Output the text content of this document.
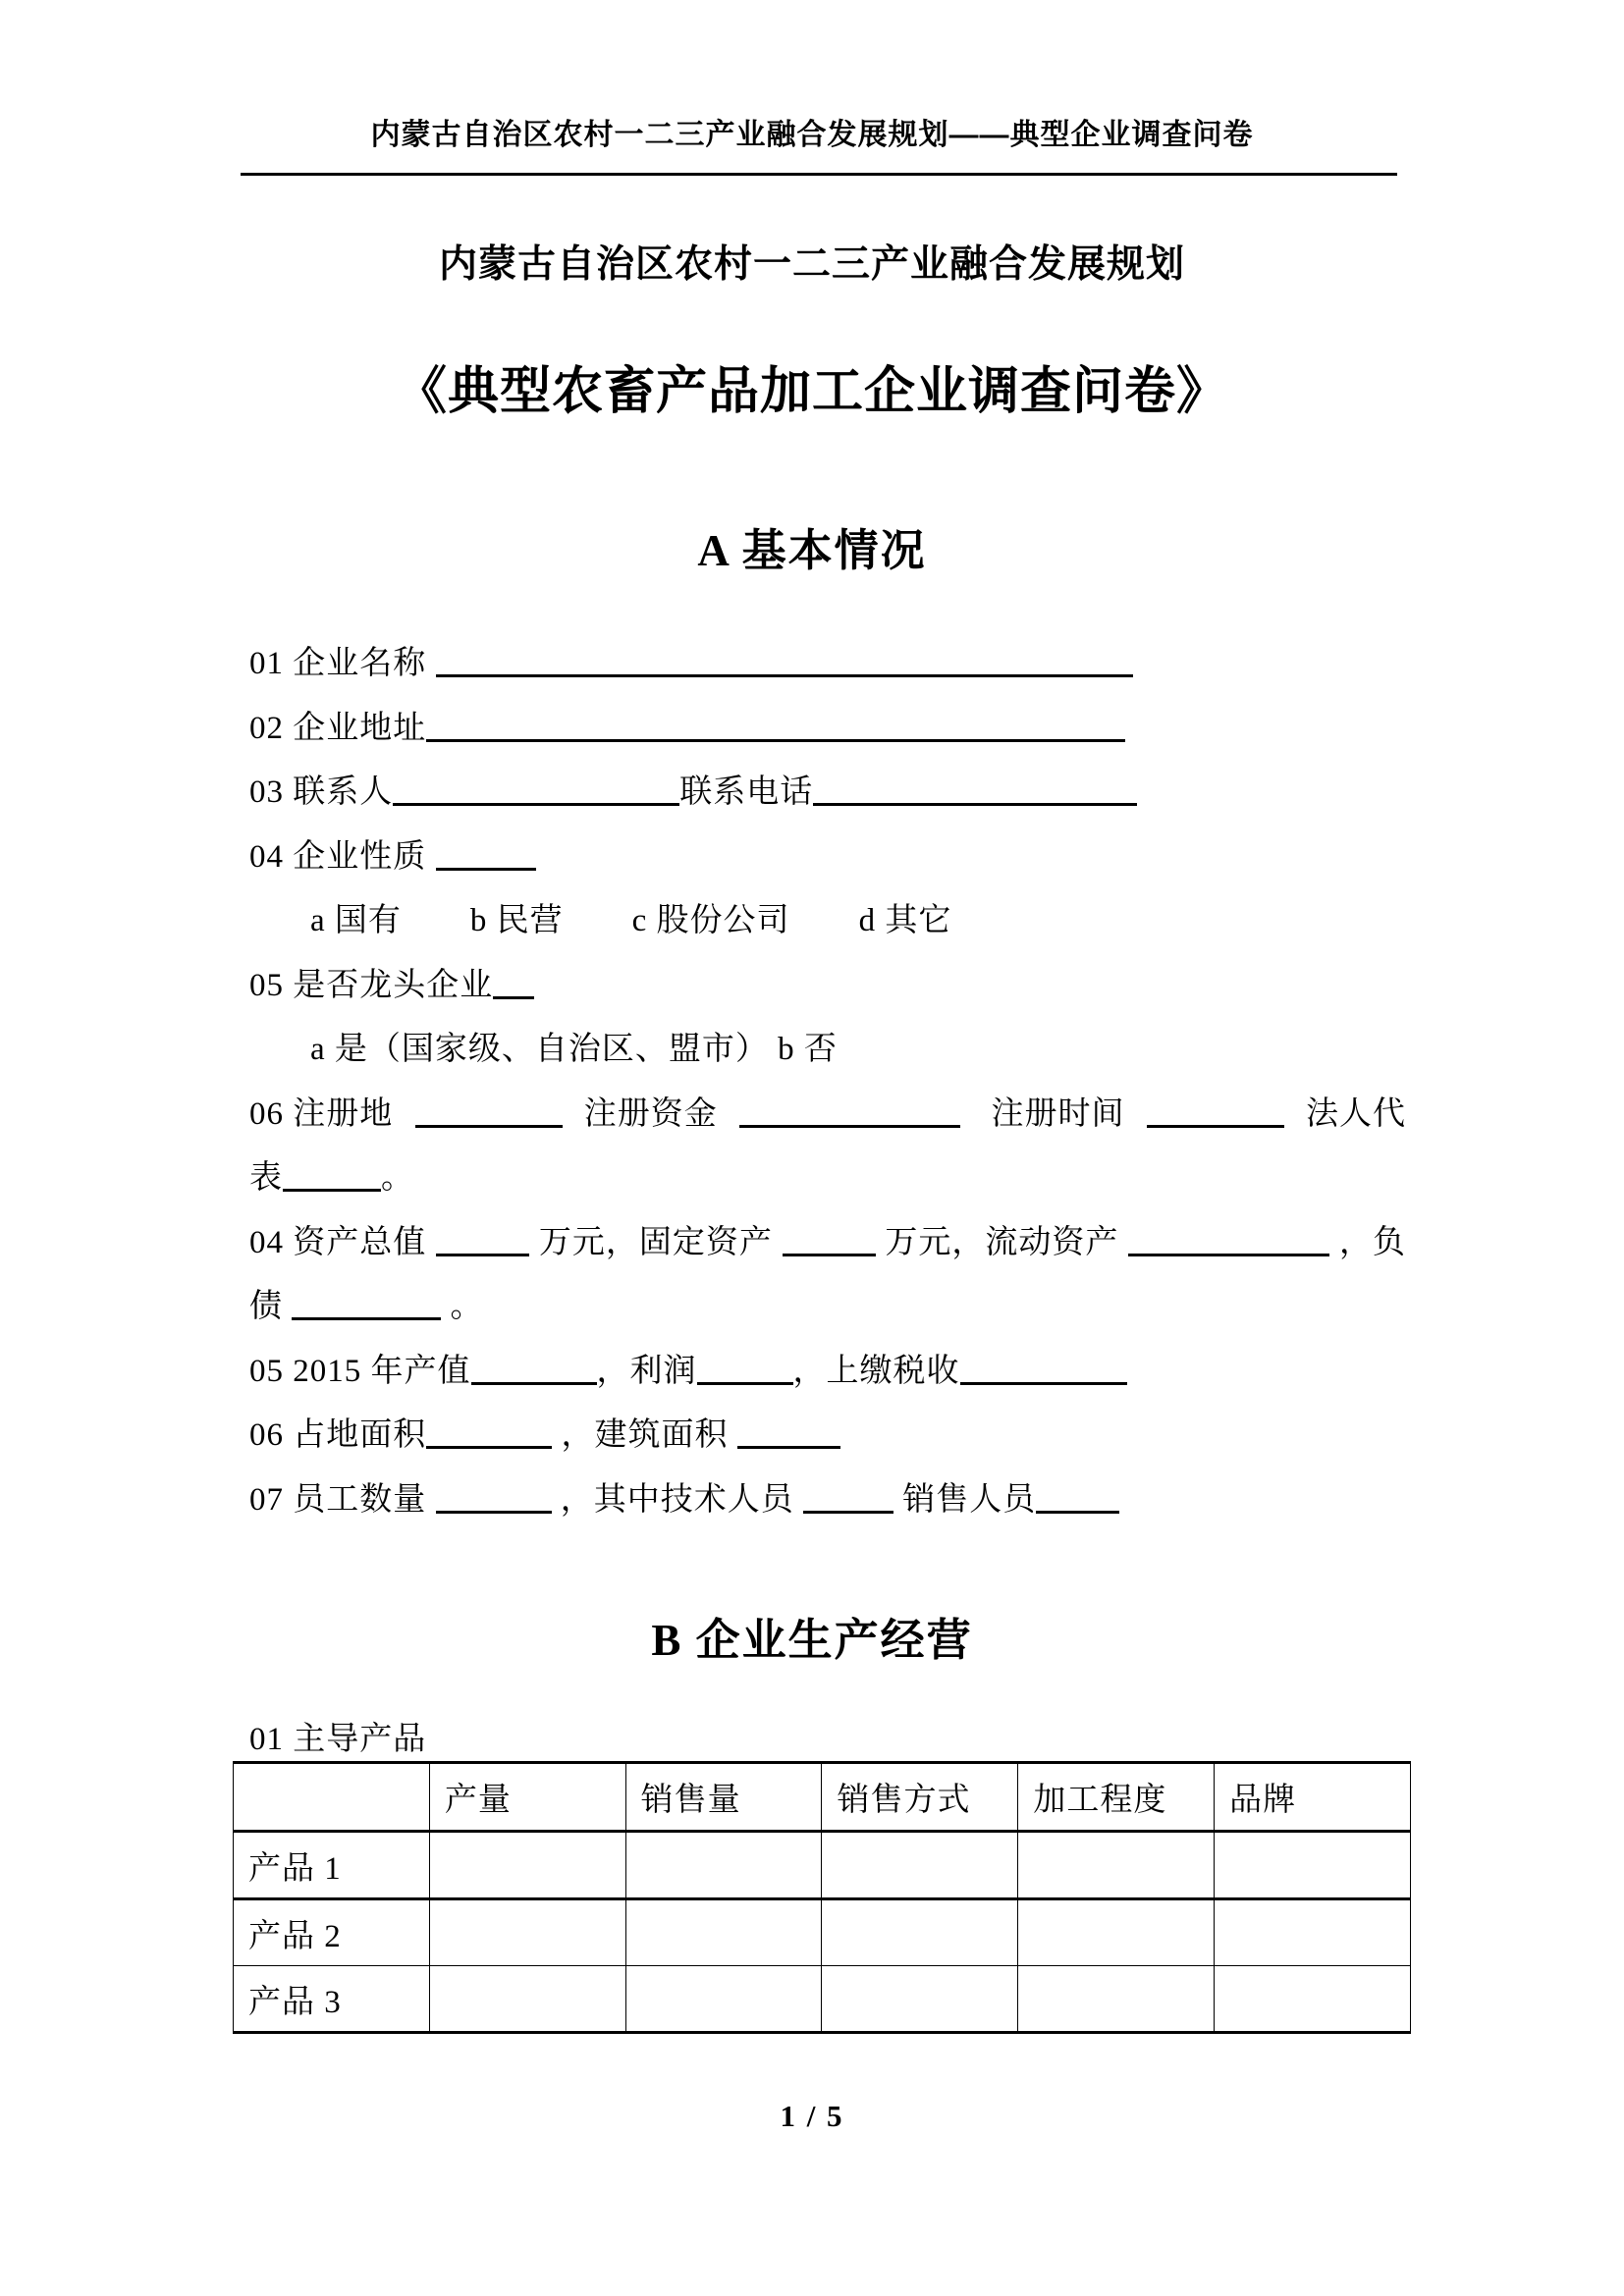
内蒙古自治区农村一二三产业融合发展规划——典型企业调查问卷
内蒙古自治区农村一二三产业融合发展规划
《典型农畜产品加工企业调查问卷》
A 基本情况
01 企业名称
02 企业地址
03 联系人	联系电话
04 企业性质
a 国有 b 民营 c 股份公司 d 其它
05 是否龙头企业
a 是（国家级、自治区、盟市） b 否
06 注册地	注册资金	注册时间	法人代
表	。
04 资产总值	万元，固定资产	万元，流动资产	，负
债	。
05 2015 年产值	，利润	，上缴税收
06 占地面积	，建筑面积
07 员工数量	，其中技术人员	销售人员
B 企业生产经营
01 主导产品
	产量	销售量	销售方式	加工程度	品牌
产品 1					
产品 2					
产品 3					
1 / 5
